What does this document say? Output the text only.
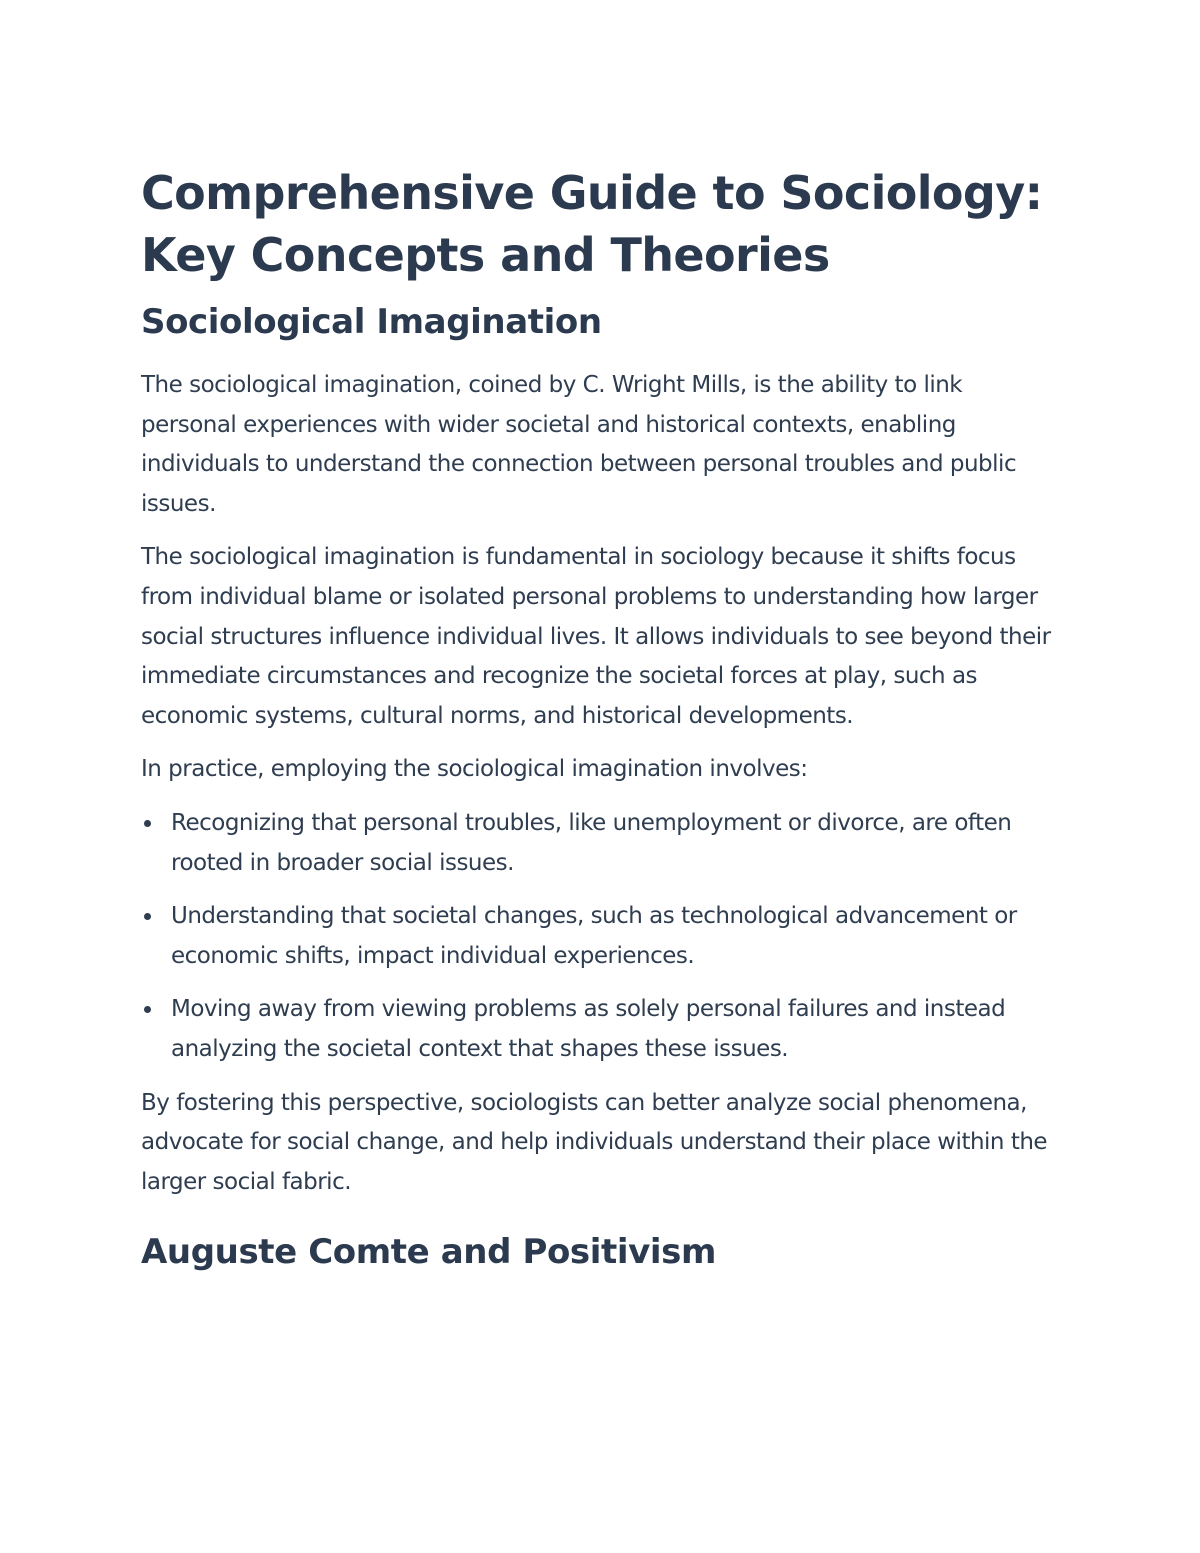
Comprehensive Guide to Sociology: Key Concepts and Theories
Sociological Imagination

The sociological imagination, coined by C. Wright Mills, is the ability to link personal experiences with wider societal and historical contexts, enabling individuals to understand the connection between personal troubles and public issues.

The sociological imagination is fundamental in sociology because it shifts focus from individual blame or isolated personal problems to understanding how larger social structures influence individual lives. It allows individuals to see beyond their immediate circumstances and recognize the societal forces at play, such as economic systems, cultural norms, and historical developments.

In practice, employing the sociological imagination involves:

Recognizing that personal troubles, like unemployment or divorce, are often rooted in broader social issues.
Understanding that societal changes, such as technological advancement or economic shifts, impact individual experiences.
Moving away from viewing problems as solely personal failures and instead analyzing the societal context that shapes these issues.

By fostering this perspective, sociologists can better analyze social phenomena, advocate for social change, and help individuals understand their place within the larger social fabric.

Auguste Comte and Positivism
